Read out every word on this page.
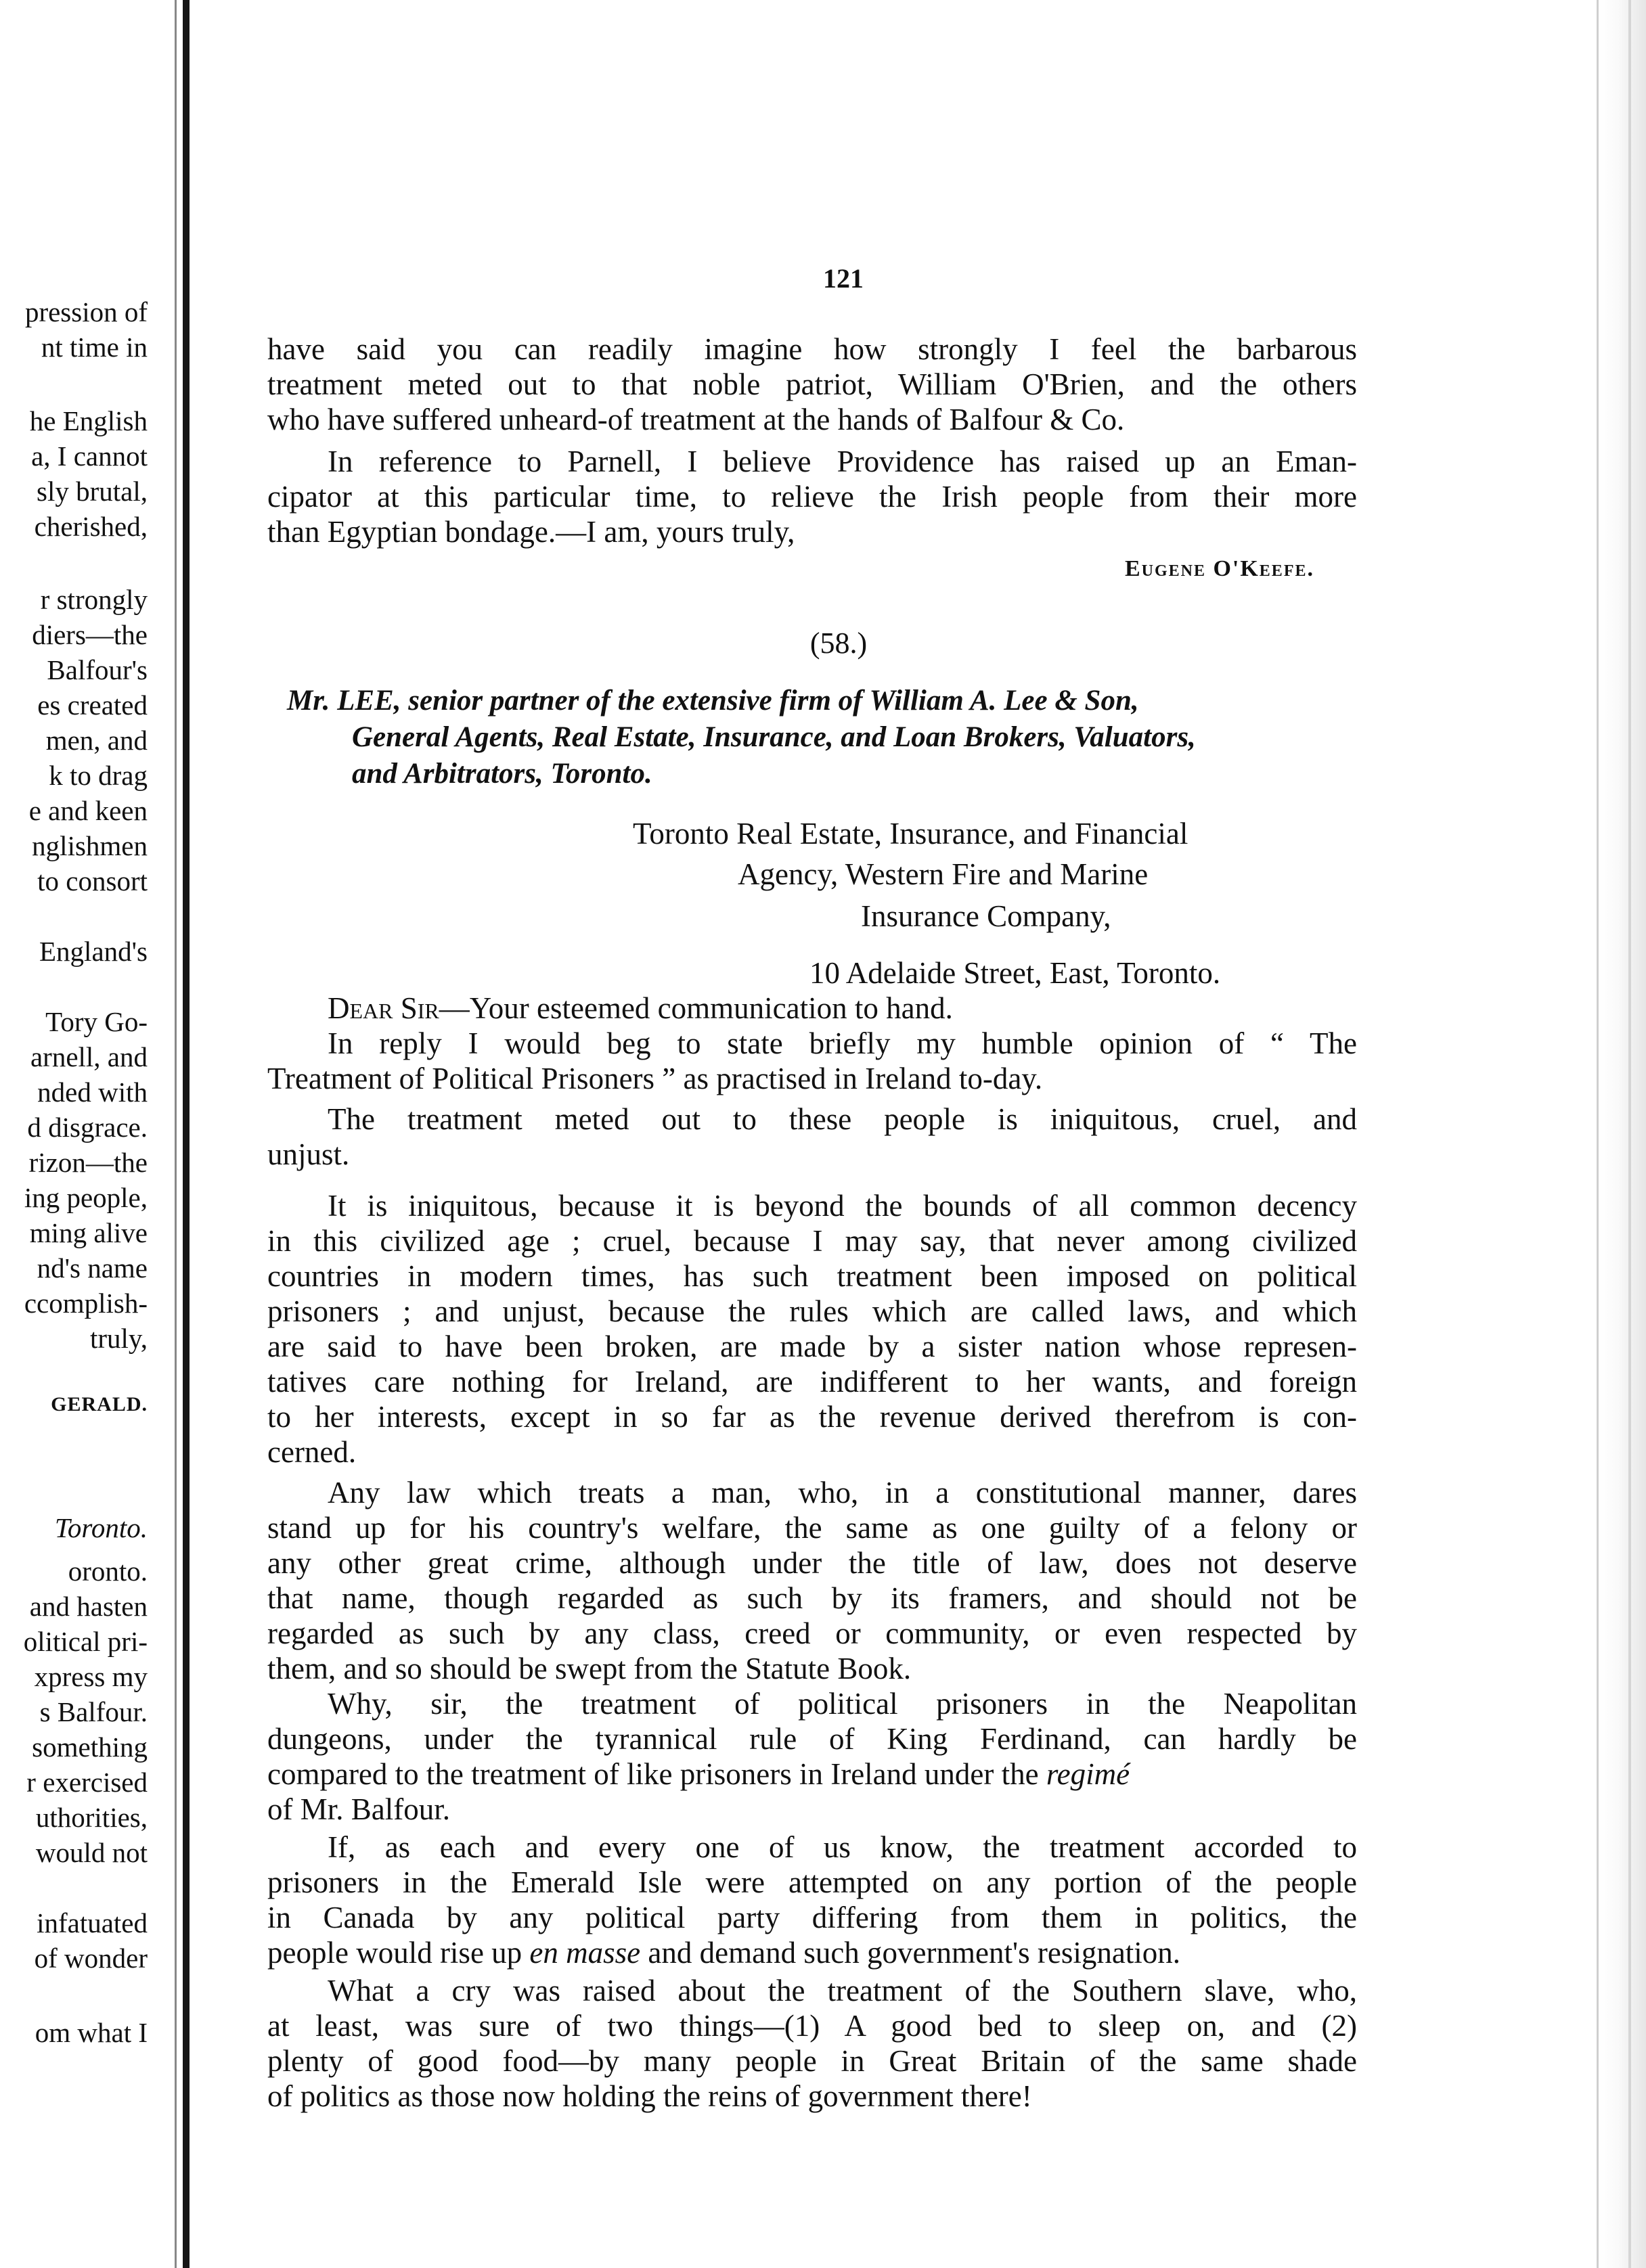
pression of
nt time in
he English
a, I cannot
sly brutal,
cherished,
r strongly
diers—the
Balfour's
es created
men, and
k to drag
e and keen
nglishmen
to consort
England's
Tory Go-
arnell, and
nded with
d disgrace.
rizon—the
ing people,
ming alive
nd's name
ccomplish-
truly,
GERALD.
Toronto.
oronto.
and hasten
olitical pri-
xpress my
s Balfour.
something
r exercised
uthorities,
would not
infatuated
of wonder
om what I
121
have said you can readily imagine how strongly I feel the barbarous
treatment meted out to that noble patriot, William O'Brien, and the others
who have suffered unheard-of treatment at the hands of Balfour & Co.
In reference to Parnell, I believe Providence has raised up an Eman-
cipator at this particular time, to relieve the Irish people from their more
than Egyptian bondage.—I am, yours truly,
Eugene O'Keefe.
(58.)
Mr. LEE, senior partner of the extensive firm of William A. Lee & Son,
General Agents, Real Estate, Insurance, and Loan Brokers, Valuators,
and Arbitrators, Toronto.
Toronto Real Estate, Insurance, and Financial
Agency, Western Fire and Marine
Insurance Company,
10 Adelaide Street, East, Toronto.
Dear Sir—Your esteemed communication to hand.
In reply I would beg to state briefly my humble opinion of “ The
Treatment of Political Prisoners ” as practised in Ireland to-day.
The treatment meted out to these people is iniquitous, cruel, and
unjust.
It is iniquitous, because it is beyond the bounds of all common decency
in this civilized age ; cruel, because I may say, that never among civilized
countries in modern times, has such treatment been imposed on political
prisoners ; and unjust, because the rules which are called laws, and which
are said to have been broken, are made by a sister nation whose represen-
tatives care nothing for Ireland, are indifferent to her wants, and foreign
to her interests, except in so far as the revenue derived therefrom is con-
cerned.
Any law which treats a man, who, in a constitutional manner, dares
stand up for his country's welfare, the same as one guilty of a felony or
any other great crime, although under the title of law, does not deserve
that name, though regarded as such by its framers, and should not be
regarded as such by any class, creed or community, or even respected by
them, and so should be swept from the Statute Book.
Why, sir, the treatment of political prisoners in the Neapolitan
dungeons, under the tyrannical rule of King Ferdinand, can hardly be
compared to the treatment of like prisoners in Ireland under the regimé
of Mr. Balfour.
If, as each and every one of us know, the treatment accorded to
prisoners in the Emerald Isle were attempted on any portion of the people
in Canada by any political party differing from them in politics, the
people would rise up en masse and demand such government's resignation.
What a cry was raised about the treatment of the Southern slave, who,
at least, was sure of two things—(1) A good bed to sleep on, and (2)
plenty of good food—by many people in Great Britain of the same shade
of politics as those now holding the reins of government there!
